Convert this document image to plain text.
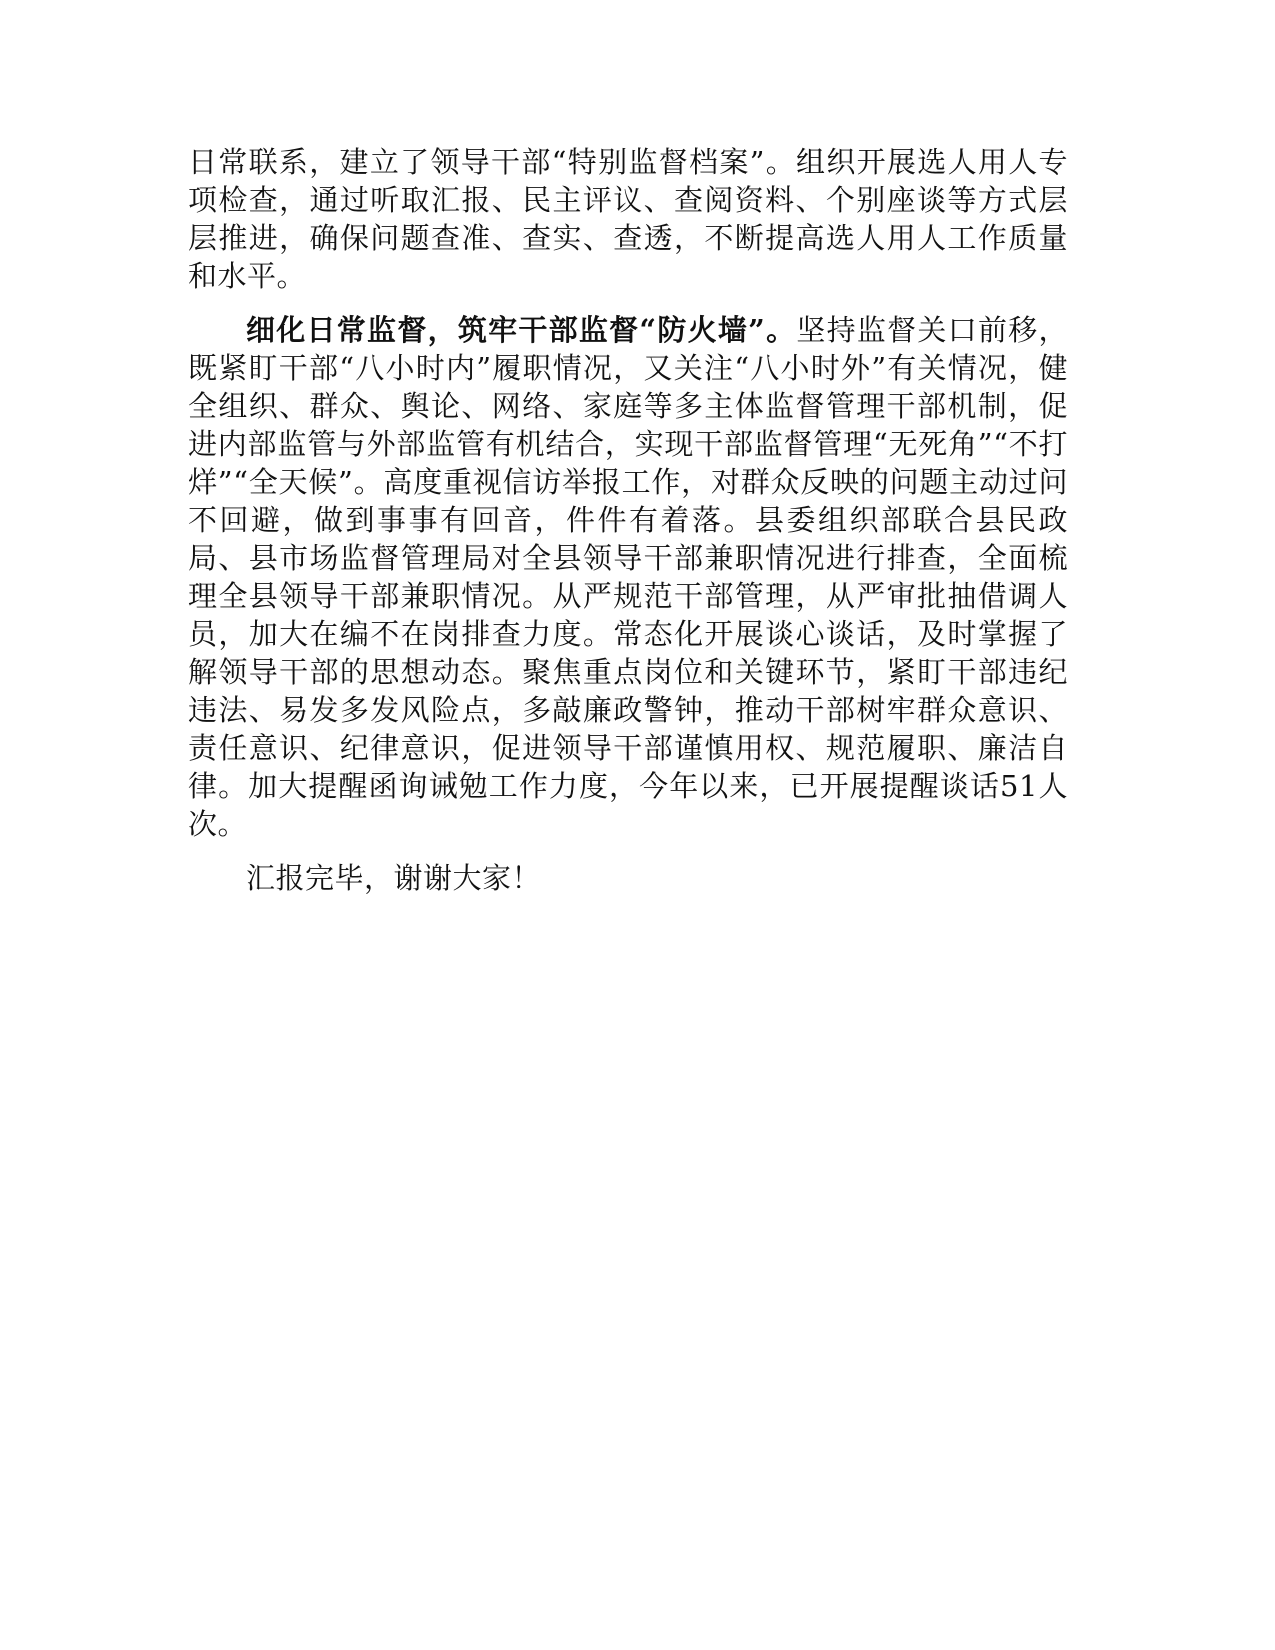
日常联系，建立了领导干部“特别监督档案”。组织开展选人用人专项检查，通过听取汇报、民主评议、查阅资料、个别座谈等方式层层推进，确保问题查准、查实、查透，不断提高选人用人工作质量和水平。

细化日常监督，筑牢干部监督“防火墙”。坚持监督关口前移，既紧盯干部“八小时内”履职情况，又关注“八小时外”有关情况，健全组织、群众、舆论、网络、家庭等多主体监督管理干部机制，促进内部监管与外部监管有机结合，实现干部监督管理“无死角”“不打烊”“全天候”。高度重视信访举报工作，对群众反映的问题主动过问不回避，做到事事有回音，件件有着落。县委组织部联合县民政局、县市场监督管理局对全县领导干部兼职情况进行排查，全面梳理全县领导干部兼职情况。从严规范干部管理，从严审批抽借调人员，加大在编不在岗排查力度。常态化开展谈心谈话，及时掌握了解领导干部的思想动态。聚焦重点岗位和关键环节，紧盯干部违纪违法、易发多发风险点，多敲廉政警钟，推动干部树牢群众意识、责任意识、纪律意识，促进领导干部谨慎用权、规范履职、廉洁自律。加大提醒函询诫勉工作力度，今年以来，已开展提醒谈话51人次。

汇报完毕，谢谢大家！
